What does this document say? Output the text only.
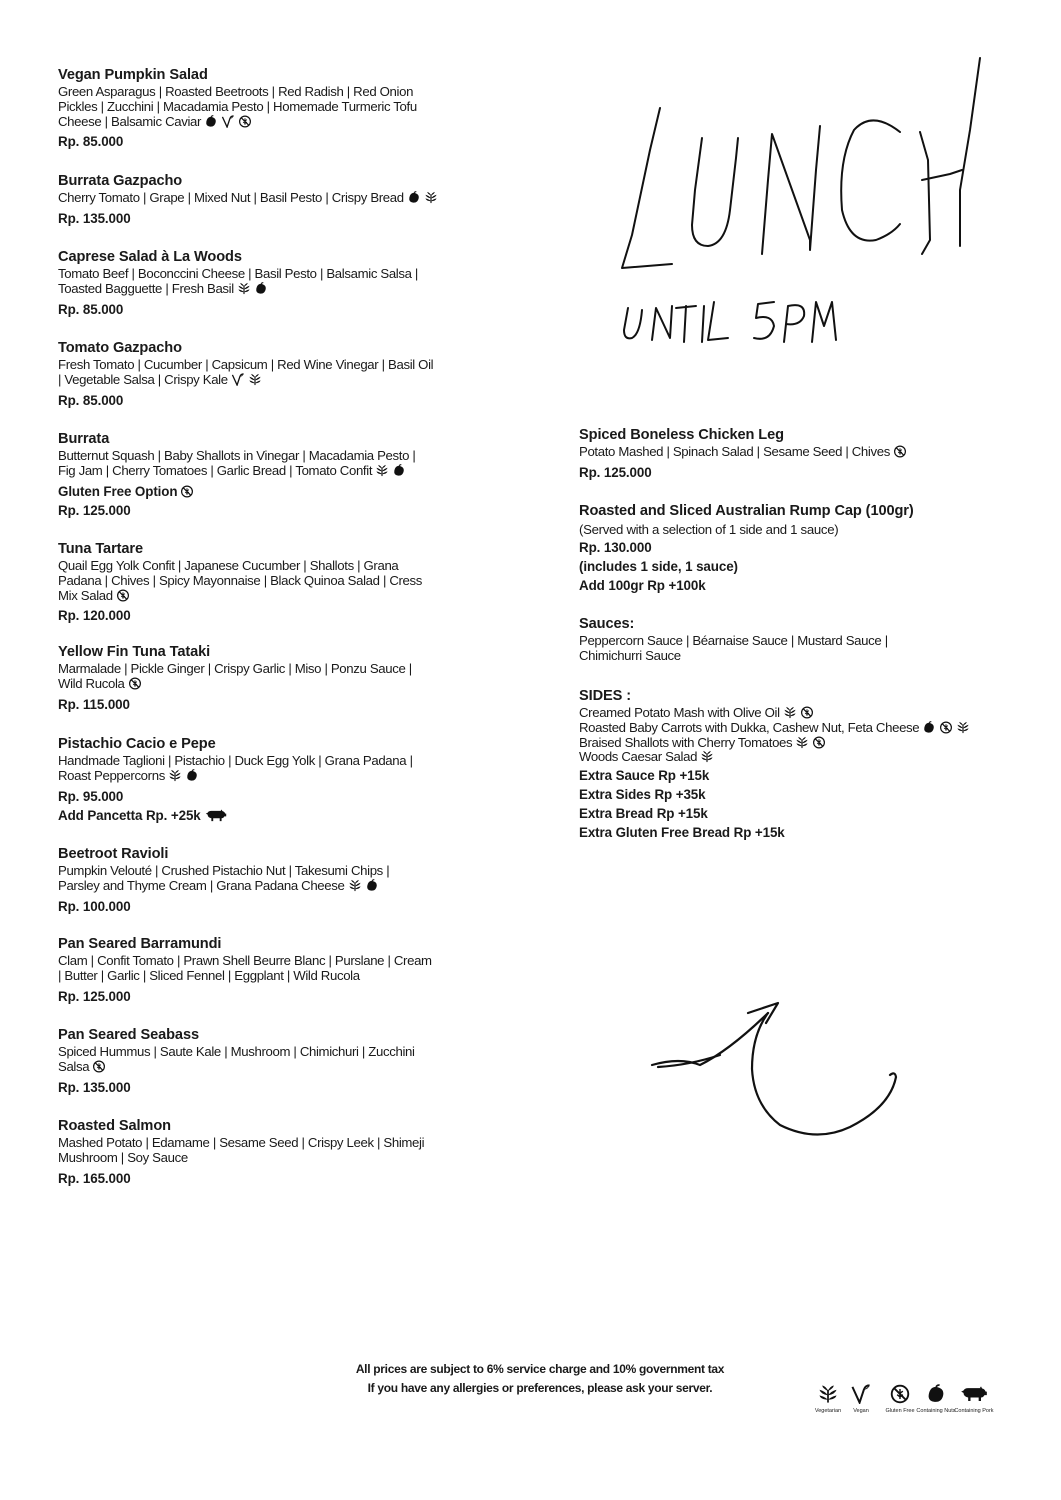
Vegan Pumpkin Salad
Green Asparagus | Roasted Beetroots | Red Radish | Red Onion
Pickles | Zucchini | Macadamia Pesto | Homemade Turmeric Tofu
Cheese | Balsamic Caviar
Rp. 85.000
Burrata Gazpacho
Cherry Tomato | Grape | Mixed Nut | Basil Pesto | Crispy Bread
Rp. 135.000
Caprese Salad à La Woods
Tomato Beef | Boconccini Cheese | Basil Pesto | Balsamic Salsa |
Toasted Bagguette | Fresh Basil
Rp. 85.000
Tomato Gazpacho
Fresh Tomato | Cucumber | Capsicum | Red Wine Vinegar | Basil Oil
| Vegetable Salsa | Crispy Kale
Rp. 85.000
Burrata
Butternut Squash | Baby Shallots in Vinegar | Macadamia Pesto |
Fig Jam | Cherry Tomatoes | Garlic Bread | Tomato Confit
Gluten Free Option
Rp. 125.000
Tuna Tartare
Quail Egg Yolk Confit | Japanese Cucumber | Shallots | Grana
Padana | Chives | Spicy Mayonnaise | Black Quinoa Salad | Cress
Mix Salad
Rp. 120.000
Yellow Fin Tuna Tataki
Marmalade | Pickle Ginger | Crispy Garlic | Miso | Ponzu Sauce |
Wild Rucola
Rp. 115.000
Pistachio Cacio e Pepe
Handmade Taglioni | Pistachio | Duck Egg Yolk | Grana Padana |
Roast Peppercorns
Rp. 95.000
Add Pancetta Rp. +25k
Beetroot Ravioli
Pumpkin Velouté | Crushed Pistachio Nut | Takesumi Chips |
Parsley and Thyme Cream | Grana Padana Cheese
Rp. 100.000
Pan Seared Barramundi
Clam | Confit Tomato | Prawn Shell Beurre Blanc | Purslane | Cream
| Butter | Garlic | Sliced Fennel | Eggplant | Wild Rucola
Rp. 125.000
Pan Seared Seabass
Spiced Hummus | Saute Kale | Mushroom | Chimichuri | Zucchini
Salsa
Rp. 135.000
Roasted Salmon
Mashed Potato | Edamame | Sesame Seed | Crispy Leek | Shimeji
Mushroom | Soy Sauce
Rp. 165.000
Spiced Boneless Chicken Leg
Potato Mashed | Spinach Salad | Sesame Seed | Chives
Rp. 125.000
Roasted and Sliced Australian Rump Cap (100gr)
(Served with a selection of 1 side and 1 sauce)
Rp. 130.000
(includes 1 side, 1 sauce)
Add 100gr Rp +100k
Sauces:
Peppercorn Sauce | Béarnaise Sauce | Mustard Sauce |
Chimichurri Sauce
SIDES :
Creamed Potato Mash with Olive Oil
Roasted Baby Carrots with Dukka, Cashew Nut, Feta Cheese
Braised Shallots with Cherry Tomatoes
Woods Caesar Salad
Extra Sauce Rp +15k
Extra Sides Rp +35k
Extra Bread Rp +15k
Extra Gluten Free Bread Rp +15k
All prices are subject to 6% service charge and 10% government tax
If you have any allergies or preferences, please ask your server.
Vegetarian	Vegan	Gluten Free Containing Nuts
Containing Pork
